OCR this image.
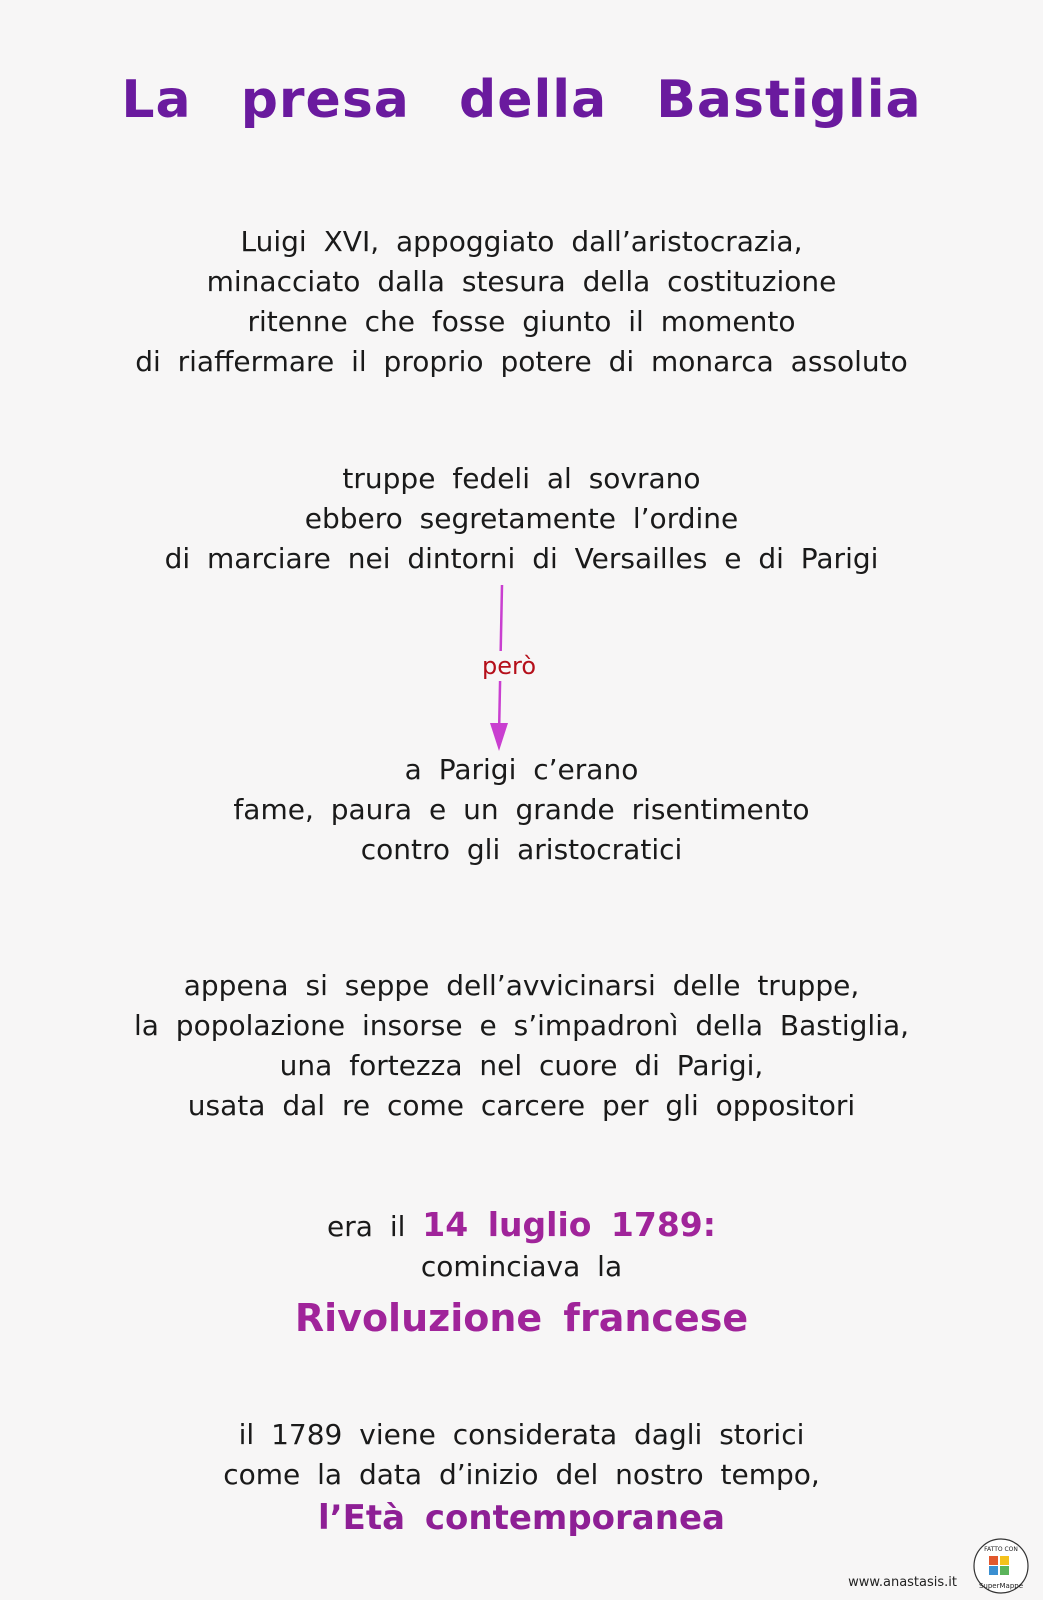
La presa della Bastiglia
Luigi XVI, appoggiato dall’aristocrazia,
minacciato dalla stesura della costituzione
ritenne che fosse giunto il momento
di riaffermare il proprio potere di monarca assoluto
truppe fedeli al sovrano
ebbero segretamente l’ordine
di marciare nei dintorni di Versailles e di Parigi
però
a Parigi c’erano
fame, paura e un grande risentimento
contro gli aristocratici
appena si seppe dell’avvicinarsi delle truppe,
la popolazione insorse e s’impadronì della Bastiglia,
una fortezza nel cuore di Parigi,
usata dal re come carcere per gli oppositori
era il 14 luglio 1789:
cominciava la
Rivoluzione francese
il 1789 viene considerata dagli storici
come la data d’inizio del nostro tempo,
l’Età contemporanea
www.anastasis.it
FATTO CON
SuperMappe
